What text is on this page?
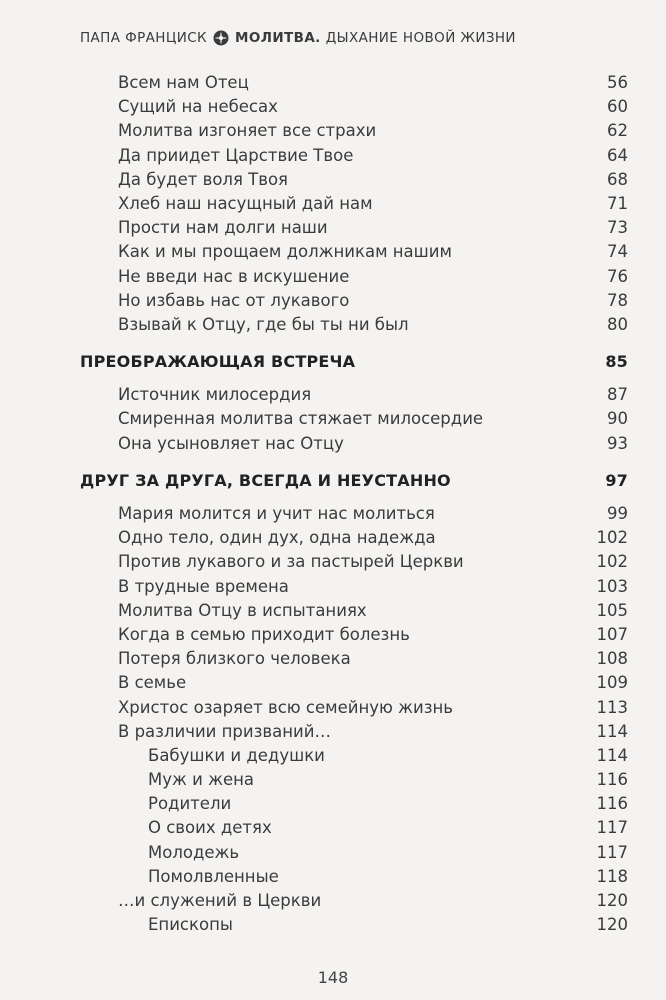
ПАПА ФРАНЦИСК МОЛИТВА. ДЫХАНИЕ НОВОЙ ЖИЗНИ
Всем нам Отец	56
Сущий на небесах	60
Молитва изгоняет все страхи	62
Да приидет Царствие Твое	64
Да будет воля Твоя	68
Хлеб наш насущный дай нам	71
Прости нам долги наши	73
Как и мы прощаем должникам нашим	74
Не введи нас в искушение	76
Но избавь нас от лукавого	78
Взывай к Отцу, где бы ты ни был	80
ПРЕОБРАЖАЮЩАЯ ВСТРЕЧА	85
Источник милосердия	87
Смиренная молитва стяжает милосердие	90
Она усыновляет нас Отцу	93
ДРУГ ЗА ДРУГА, ВСЕГДА И НЕУСТАННО	97
Мария молится и учит нас молиться	99
Одно тело, один дух, одна надежда	102
Против лукавого и за пастырей Церкви	102
В трудные времена	103
Молитва Отцу в испытаниях	105
Когда в семью приходит болезнь	107
Потеря близкого человека	108
В семье	109
Христос озаряет всю семейную жизнь	113
В различии призваний…	114
Бабушки и дедушки	114
Муж и жена	116
Родители	116
О своих детях	117
Молодежь	117
Помолвленные	118
…и служений в Церкви	120
Епископы	120
148
